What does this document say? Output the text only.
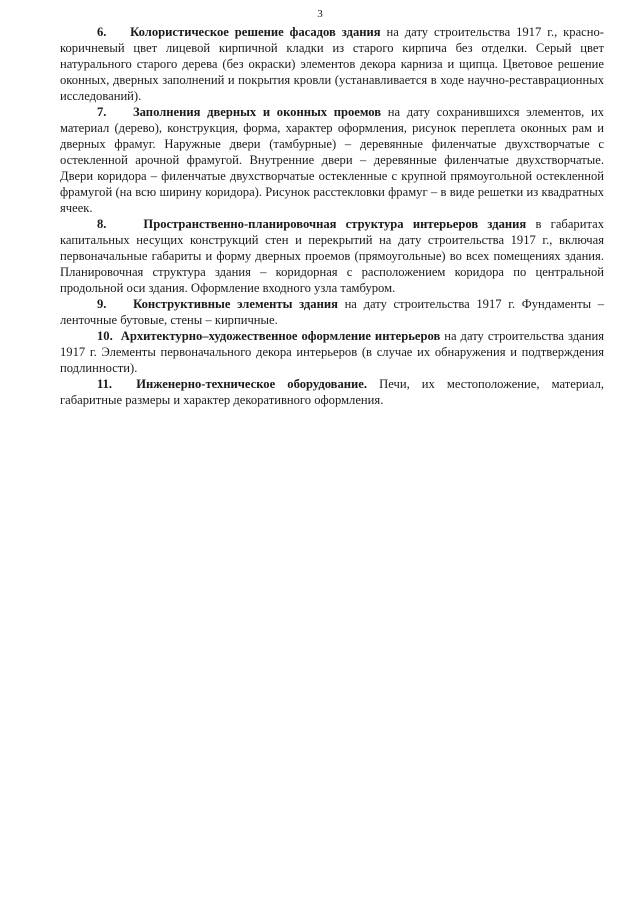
3

6. Колористическое решение фасадов здания на дату строительства 1917 г., красно-коричневый цвет лицевой кирпичной кладки из старого кирпича без отделки. Серый цвет натурального старого дерева (без окраски) элементов декора карниза и щипца. Цветовое решение оконных, дверных заполнений и покрытия кровли (устанавливается в ходе научно-реставрационных исследований).

7. Заполнения дверных и оконных проемов на дату сохранившихся элементов, их материал (дерево), конструкция, форма, характер оформления, рисунок переплета оконных рам и дверных фрамуг. Наружные двери (тамбурные) – деревянные филенчатые двухстворчатые с остекленной арочной фрамугой. Внутренние двери – деревянные филенчатые двухстворчатые. Двери коридора – филенчатые двухстворчатые остекленные с крупной прямоугольной остекленной фрамугой (на всю ширину коридора). Рисунок расстекловки фрамуг – в виде решетки из квадратных ячеек.

8.	Пространственно-планировочная структура интерьеров здания в габаритах капитальных несущих конструкций стен и перекрытий на дату строительства 1917 г., включая первоначальные габариты и форму дверных проемов (прямоугольные) во всех помещениях здания. Планировочная структура здания – коридорная с расположением коридора по центральной продольной оси здания. Оформление входного узла тамбуром.

9. Конструктивные элементы здания на дату строительства 1917 г. Фундаменты – ленточные бутовые, стены – кирпичные.

10. Архитектурно–художественное оформление интерьеров на дату строительства здания 1917 г. Элементы первоначального декора интерьеров (в случае их обнаружения и подтверждения подлинности).

11. Инженерно-техническое оборудование. Печи, их местоположение, материал, габаритные размеры и характер декоративного оформления.
